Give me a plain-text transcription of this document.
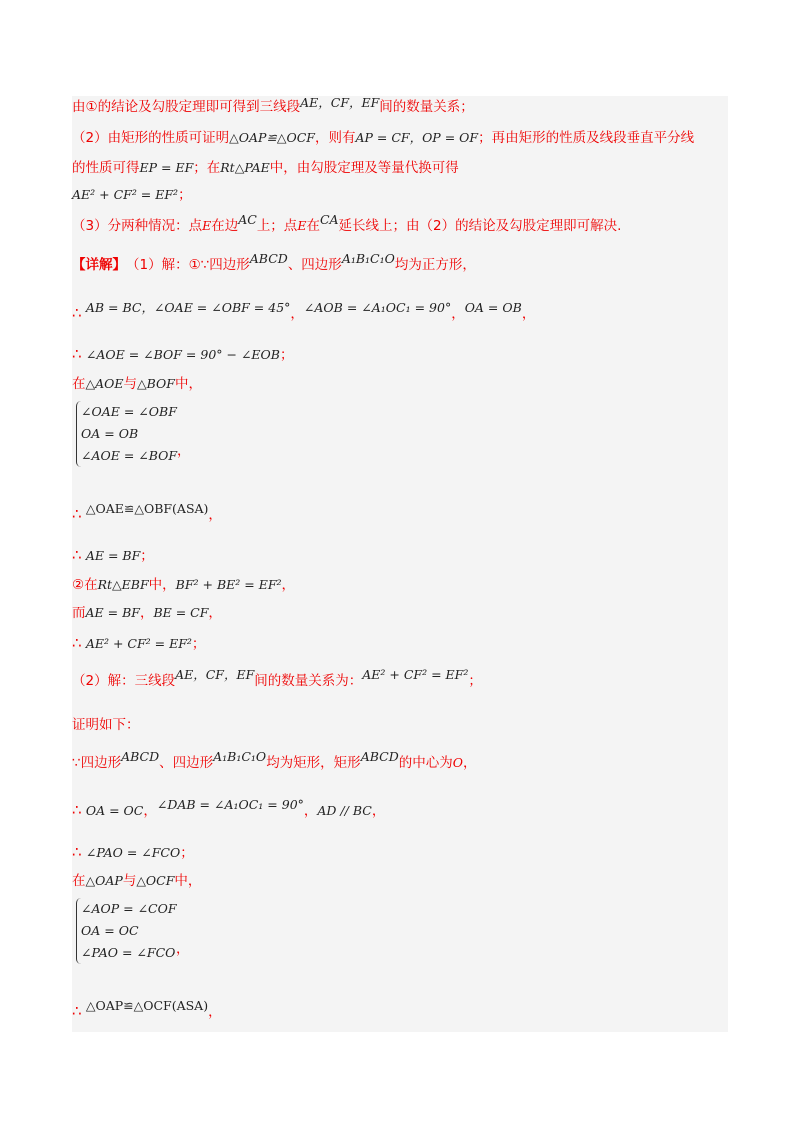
由①的结论及勾股定理即可得到三线段AE，CF，EF间的数量关系；
（2）由矩形的性质可证明△OAP≌△OCF，则有AP = CF，OP = OF；再由矩形的性质及线段垂直平分线
的性质可得EP = EF；在Rt△PAE中，由勾股定理及等量代换可得
AE² + CF² = EF²；
（3）分两种情况：点E在边AC上；点E在CA延长线上；由（2）的结论及勾股定理即可解决.
【详解】（1）解：①∵四边形ABCD、四边形A₁B₁C₁O均为正方形，
∴ AB = BC，∠OAE = ∠OBF = 45°，∠AOB = ∠A₁OC₁ = 90°，OA = OB，
∴ ∠AOE = ∠BOF = 90° − ∠EOB；
在△AOE与△BOF中，
∠OAE = ∠OBF
OA = OB
∠AOE = ∠BOF ，
∴ △OAE≌△OBF(ASA)，
∴ AE = BF；
②在Rt△EBF中，BF² + BE² = EF²，
而AE = BF，BE = CF，
∴ AE² + CF² = EF²；
（2）解：三线段AE，CF，EF间的数量关系为：AE² + CF² = EF²；
证明如下：
∵四边形ABCD、四边形A₁B₁C₁O均为矩形，矩形ABCD的中心为O，
∴ OA = OC，∠DAB = ∠A₁OC₁ = 90°，AD // BC，
∴ ∠PAO = ∠FCO；
在△OAP与△OCF中，
∠AOP = ∠COF
OA = OC
∠PAO = ∠FCO ，
∴ △OAP≌△OCF(ASA)，
